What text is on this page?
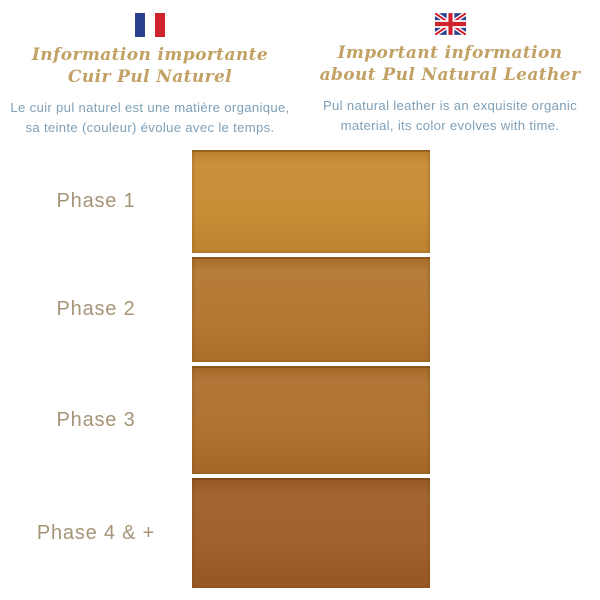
Information importante
Cuir Pul Naturel

Le cuir pul naturel est une matière organique, sa teinte (couleur) évolue avec le temps.

Important information
about Pul Natural Leather

Pul natural leather is an exquisite organic material, its color evolves with time.

Phase 1
Phase 2
Phase 3
Phase 4 & +
